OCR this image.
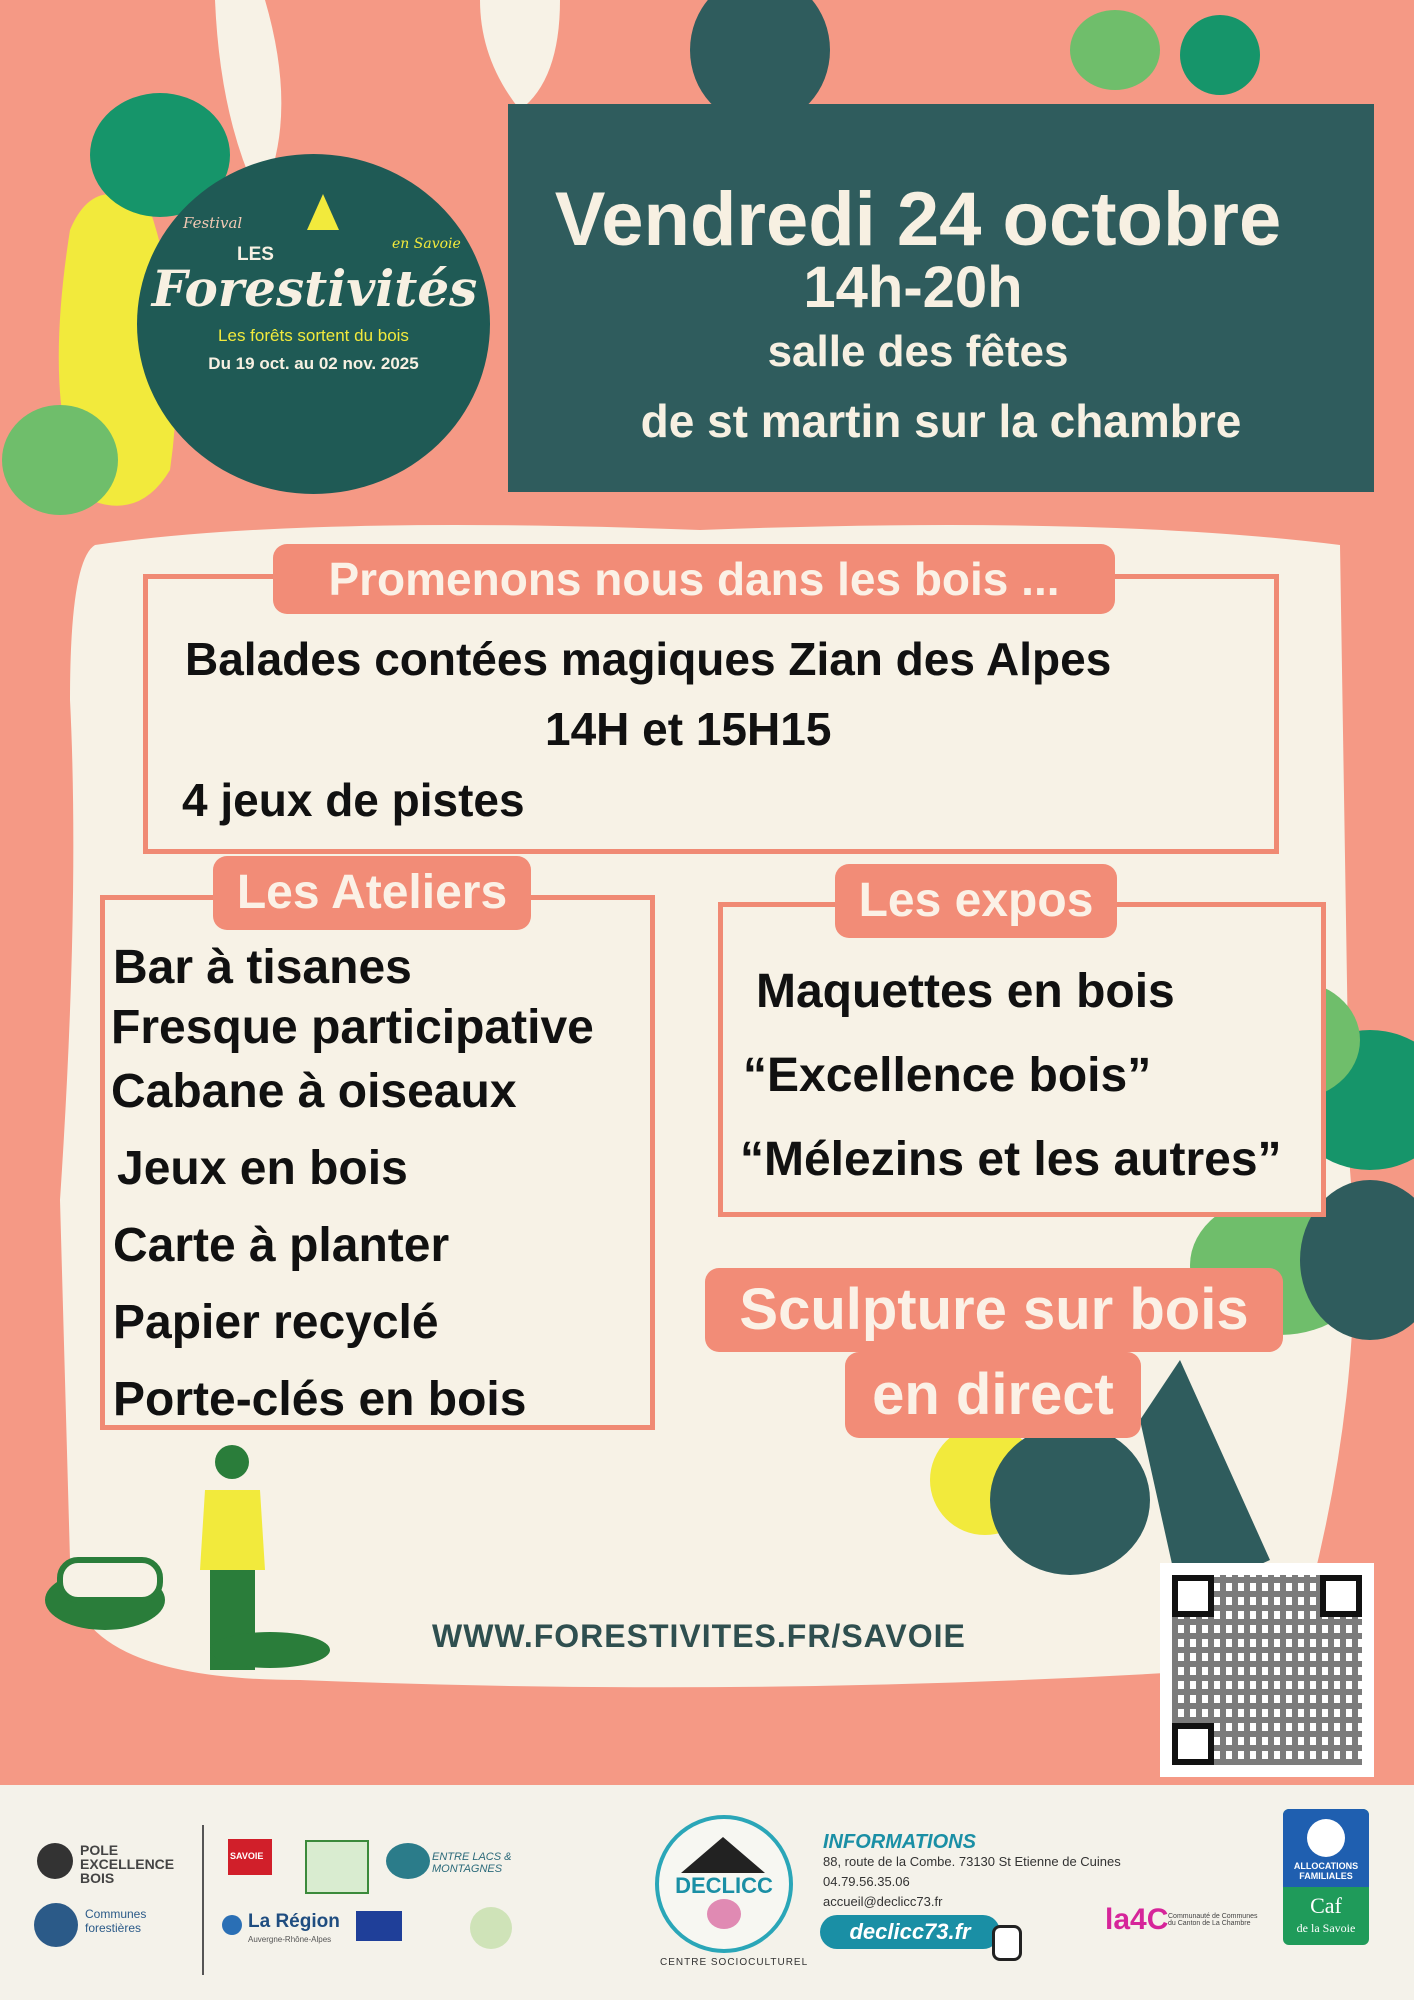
Festival
LES	en Savoie
Forestivités
Les forêts sortent du bois
Du 19 oct. au 02 nov. 2025
Vendredi 24 octobre
14h-20h
salle des fêtes
de st martin sur la chambre
Promenons nous dans les bois ...
Balades contées magiques Zian des Alpes
14H et 15H15
4 jeux de pistes
Les Ateliers
Bar à tisanes
Fresque participative
Cabane à oiseaux
Jeux en bois
Carte à planter
Papier recyclé
Porte-clés en bois
Les expos
Maquettes en bois
“Excellence bois”
“Mélezins et les autres”
Sculpture sur bois
en direct
WWW.FORESTIVITES.FR/SAVOIE
POLE EXCELLENCE BOIS
Communes forestières
SAVOIE	ENTRE LACS & MONTAGNES
La Région
Auvergne-Rhône-Alpes
DECLICC
CENTRE SOCIOCULTUREL
INFORMATIONS
88, route de la Combe. 73130 St Etienne de Cuines
04.79.56.35.06
accueil@declicc73.fr
declicc73.fr	la4C Communauté de Communes du Canton de La Chambre
ALLOCATIONS FAMILIALES
Caf
de la Savoie
